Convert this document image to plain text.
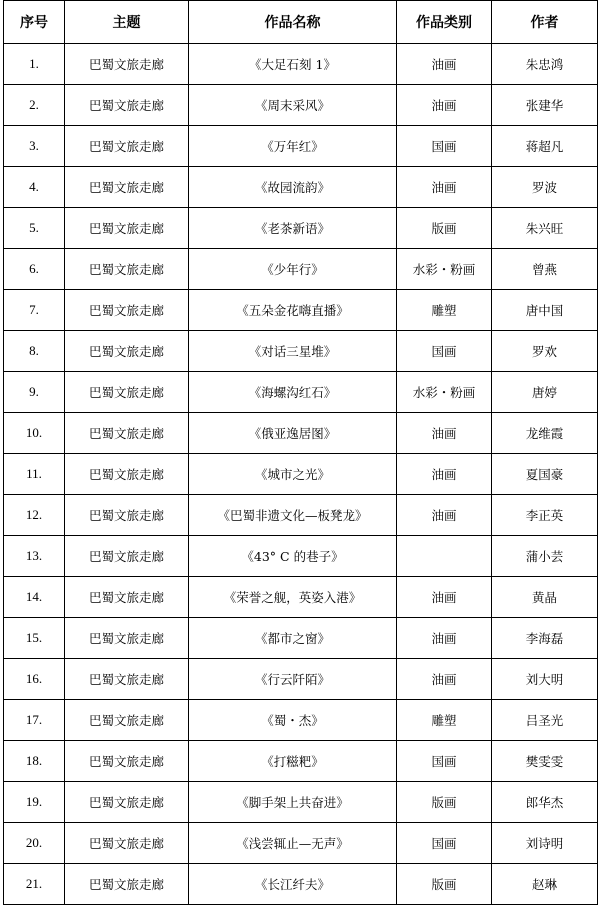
序号	主题	作品名称	作品类别	作者
1.	巴蜀文旅走廊	《大足石刻 1》	油画	朱忠鸿
2.	巴蜀文旅走廊	《周末采风》	油画	张建华
3.	巴蜀文旅走廊	《万年红》	国画	蒋超凡
4.	巴蜀文旅走廊	《故园流韵》	油画	罗波
5.	巴蜀文旅走廊	《老茶新语》	版画	朱兴旺
6.	巴蜀文旅走廊	《少年行》	水彩・粉画	曾燕
7.	巴蜀文旅走廊	《五朵金花嗨直播》	雕塑	唐中国
8.	巴蜀文旅走廊	《对话三星堆》	国画	罗欢
9.	巴蜀文旅走廊	《海螺沟红石》	水彩・粉画	唐婷
10.	巴蜀文旅走廊	《俄亚逸居图》	油画	龙维霞
11.	巴蜀文旅走廊	《城市之光》	油画	夏国豪
12.	巴蜀文旅走廊	《巴蜀非遗文化—板凳龙》	油画	李正英
13.	巴蜀文旅走廊	《43° C 的巷子》		蒲小芸
14.	巴蜀文旅走廊	《荣誉之舰，英姿入港》	油画	黄晶
15.	巴蜀文旅走廊	《都市之窗》	油画	李海磊
16.	巴蜀文旅走廊	《行云阡陌》	油画	刘大明
17.	巴蜀文旅走廊	《蜀・杰》	雕塑	吕圣光
18.	巴蜀文旅走廊	《打糍粑》	国画	樊雯雯
19.	巴蜀文旅走廊	《脚手架上共奋进》	版画	郎华杰
20.	巴蜀文旅走廊	《浅尝辄止—无声》	国画	刘诗明
21.	巴蜀文旅走廊	《长江纤夫》	版画	赵琳
